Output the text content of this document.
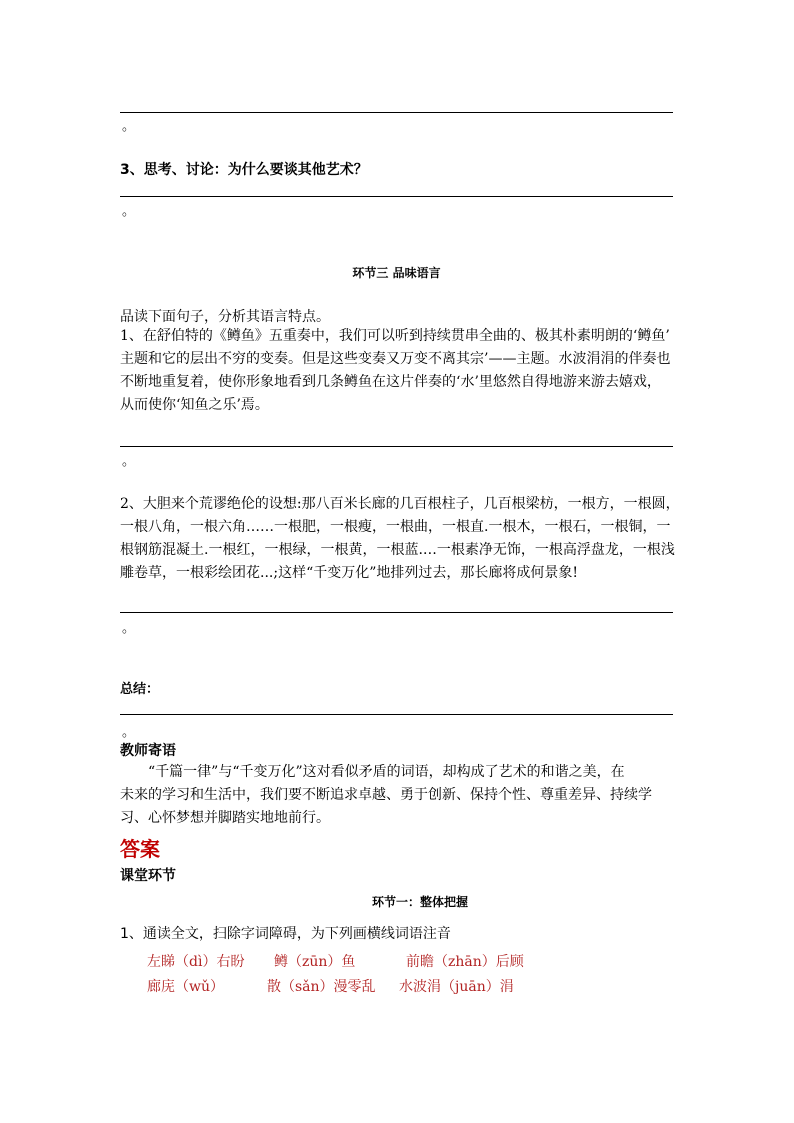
。
3、思考、讨论：为什么要谈其他艺术？
。
环节三 品味语言

品读下面句子，分析其语言特点。

1、在舒伯特的《鳟鱼》五重奏中，我们可以听到持续贯串全曲的、极其朴素明朗的‘鳟鱼’

主题和它的层出不穷的变奏。但是这些变奏又万变不离其宗’——主题。水波涓涓的伴奏也

不断地重复着，使你形象地看到几条鳟鱼在这片伴奏的‘水’里悠然自得地游来游去嬉戏，

从而使你‘知鱼之乐’焉。

。

2、大胆来个荒谬绝伦的设想:那八百米长廊的几百根柱子，几百根梁枋，一根方，一根圆，

一根八角，一根六角……一根肥，一根瘦，一根曲，一根直.一根木，一根石，一根铜，一

根钢筋混凝土.一根红，一根绿，一根黄，一根蓝.…一根素净无饰，一根高浮盘龙，一根浅

雕卷草，一根彩绘团花...;这样“千变万化”地排列过去，那长廊将成何景象!

。
总结：
。
教师寄语

“千篇一律”与“千变万化”这对看似矛盾的词语，却构成了艺术的和谐之美，在

未来的学习和生活中，我们要不断追求卓越、勇于创新、保持个性、尊重差异、持续学

习、心怀梦想并脚踏实地地前行。

答案
课堂环节
环节一：整体把握
1、通读全文，扫除字词障碍，为下列画横线词语注音
左睇（dì）右盼 鳟（zūn）鱼	前瞻（zhān）后顾
廊庑（wǔ）	散（sǎn）漫零乱 水波涓（juān）涓
